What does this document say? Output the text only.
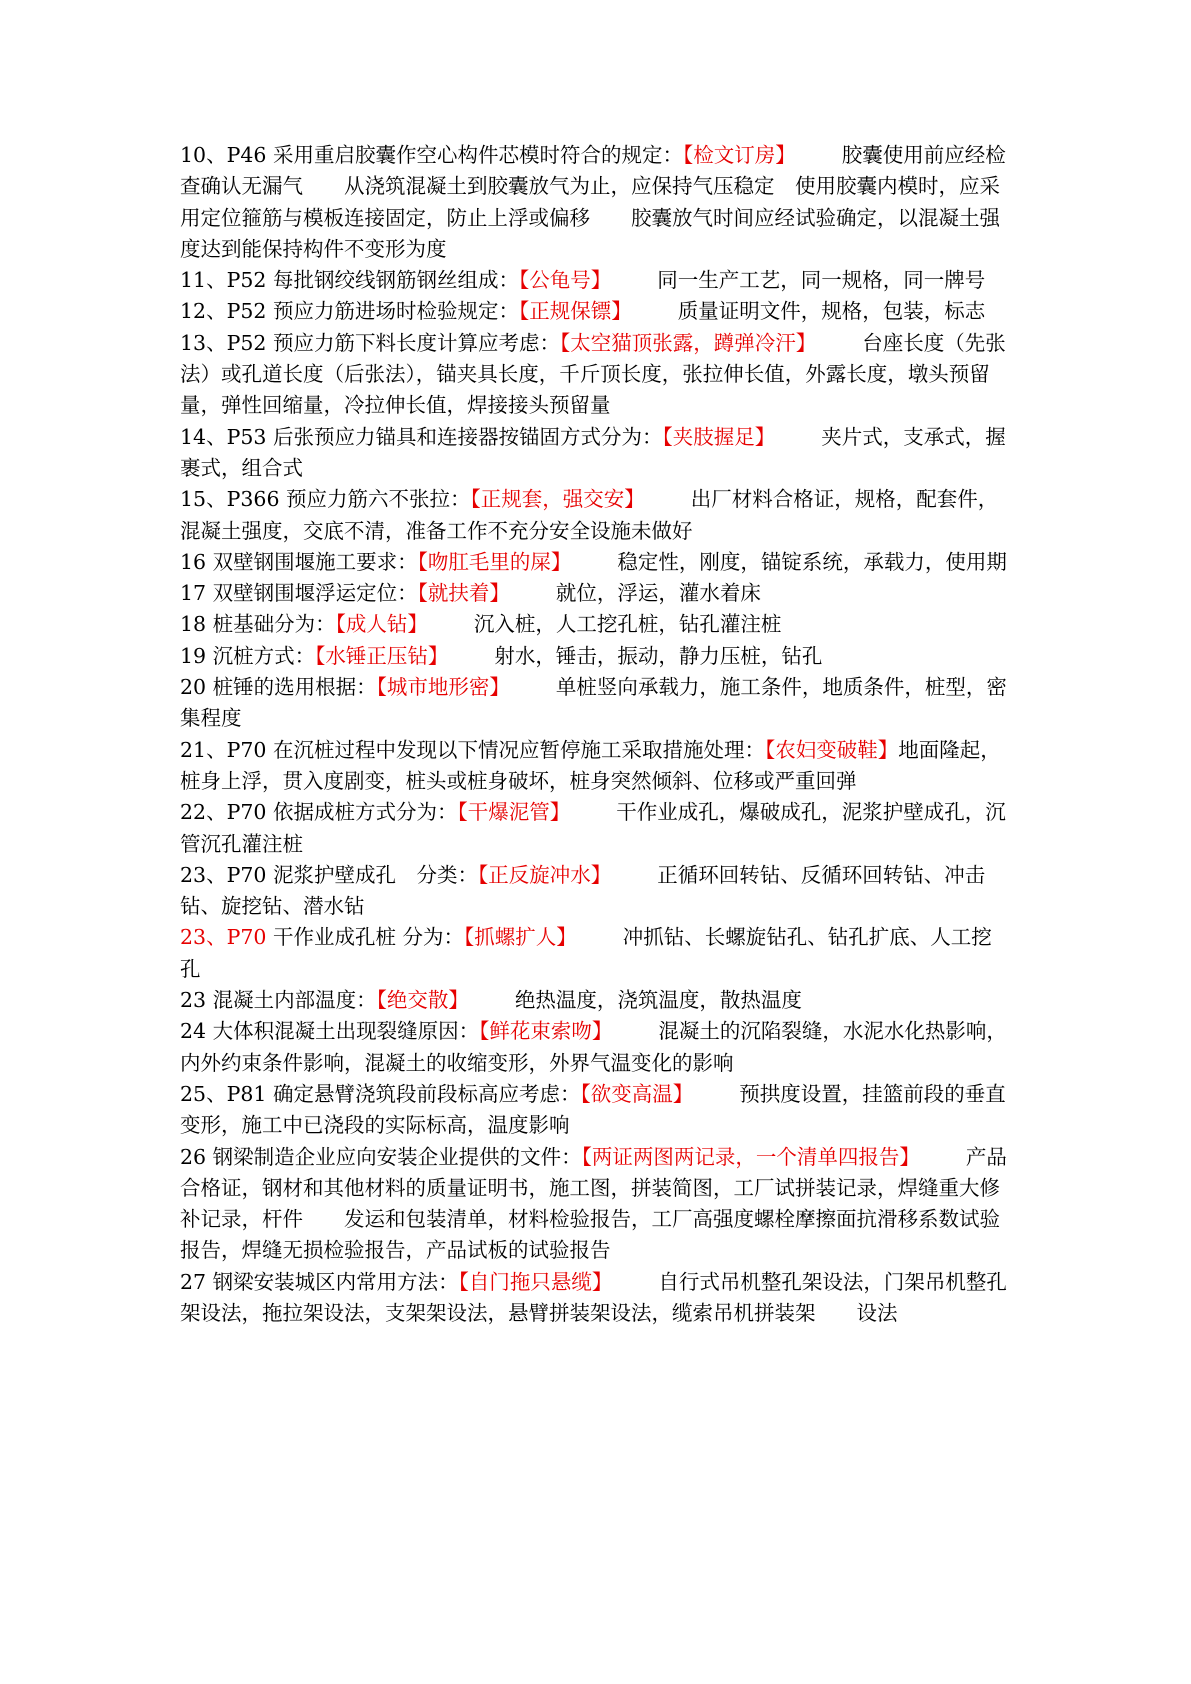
10、P46 采用重启胶囊作空心构件芯模时符合的规定：【检文订房】 胶囊使用前应经检查确认无漏气　　从浇筑混凝土到胶囊放气为止，应保持气压稳定　使用胶囊内模时，应采用定位箍筋与模板连接固定，防止上浮或偏移　　胶囊放气时间应经试验确定，以混凝土强度达到能保持构件不变形为度

11、P52 每批钢绞线钢筋钢丝组成：【公龟号】 同一生产工艺，同一规格，同一牌号

12、P52 预应力筋进场时检验规定：【正规保镖】 质量证明文件，规格，包装，标志

13、P52 预应力筋下料长度计算应考虑：【太空猫顶张露，蹲弹冷汗】 台座长度（先张法）或孔道长度（后张法），锚夹具长度，千斤顶长度，张拉伸长值，外露长度，墩头预留量，弹性回缩量，冷拉伸长值，焊接接头预留量

14、P53 后张预应力锚具和连接器按锚固方式分为：【夹肢握足】 夹片式，支承式，握裹式，组合式

15、P366 预应力筋六不张拉：【正规套，强交安】 出厂材料合格证，规格，配套件，混凝土强度，交底不清，准备工作不充分安全设施未做好

16 双壁钢围堰施工要求：【吻肛毛里的屎】 稳定性，刚度，锚锭系统，承载力，使用期

17 双壁钢围堰浮运定位：【就扶着】 就位，浮运，灌水着床

18 桩基础分为：【成人钻】 沉入桩，人工挖孔桩，钻孔灌注桩

19 沉桩方式：【水锤正压钻】 射水，锤击，振动，静力压桩，钻孔

20 桩锤的选用根据：【城市地形密】 单桩竖向承载力，施工条件，地质条件，桩型，密集程度

21、P70 在沉桩过程中发现以下情况应暂停施工采取措施处理：【农妇变破鞋】地面隆起，桩身上浮，贯入度剧变，桩头或桩身破坏，桩身突然倾斜、位移或严重回弹

22、P70 依据成桩方式分为：【干爆泥管】 干作业成孔，爆破成孔，泥浆护壁成孔，沉管沉孔灌注桩

23、P70 泥浆护壁成孔　分类：【正反旋冲水】 正循环回转钻、反循环回转钻、冲击钻、旋挖钻、潜水钻

23、P70 干作业成孔桩 分为：【抓螺扩人】 冲抓钻、长螺旋钻孔、钻孔扩底、人工挖孔

23 混凝土内部温度：【绝交散】 绝热温度，浇筑温度，散热温度

24 大体积混凝土出现裂缝原因：【鲜花束索吻】 混凝土的沉陷裂缝，水泥水化热影响，内外约束条件影响，混凝土的收缩变形，外界气温变化的影响

25、P81 确定悬臂浇筑段前段标高应考虑：【欲变高温】 预拱度设置，挂篮前段的垂直变形，施工中已浇段的实际标高，温度影响

26 钢梁制造企业应向安装企业提供的文件：【两证两图两记录，一个清单四报告】 产品合格证，钢材和其他材料的质量证明书，施工图，拼装简图，工厂试拼装记录，焊缝重大修补记录，杆件　　发运和包装清单，材料检验报告，工厂高强度螺栓摩擦面抗滑移系数试验报告，焊缝无损检验报告，产品试板的试验报告

27 钢梁安装城区内常用方法：【自门拖只悬缆】 自行式吊机整孔架设法，门架吊机整孔架设法，拖拉架设法，支架架设法，悬臂拼装架设法，缆索吊机拼装架　　设法
